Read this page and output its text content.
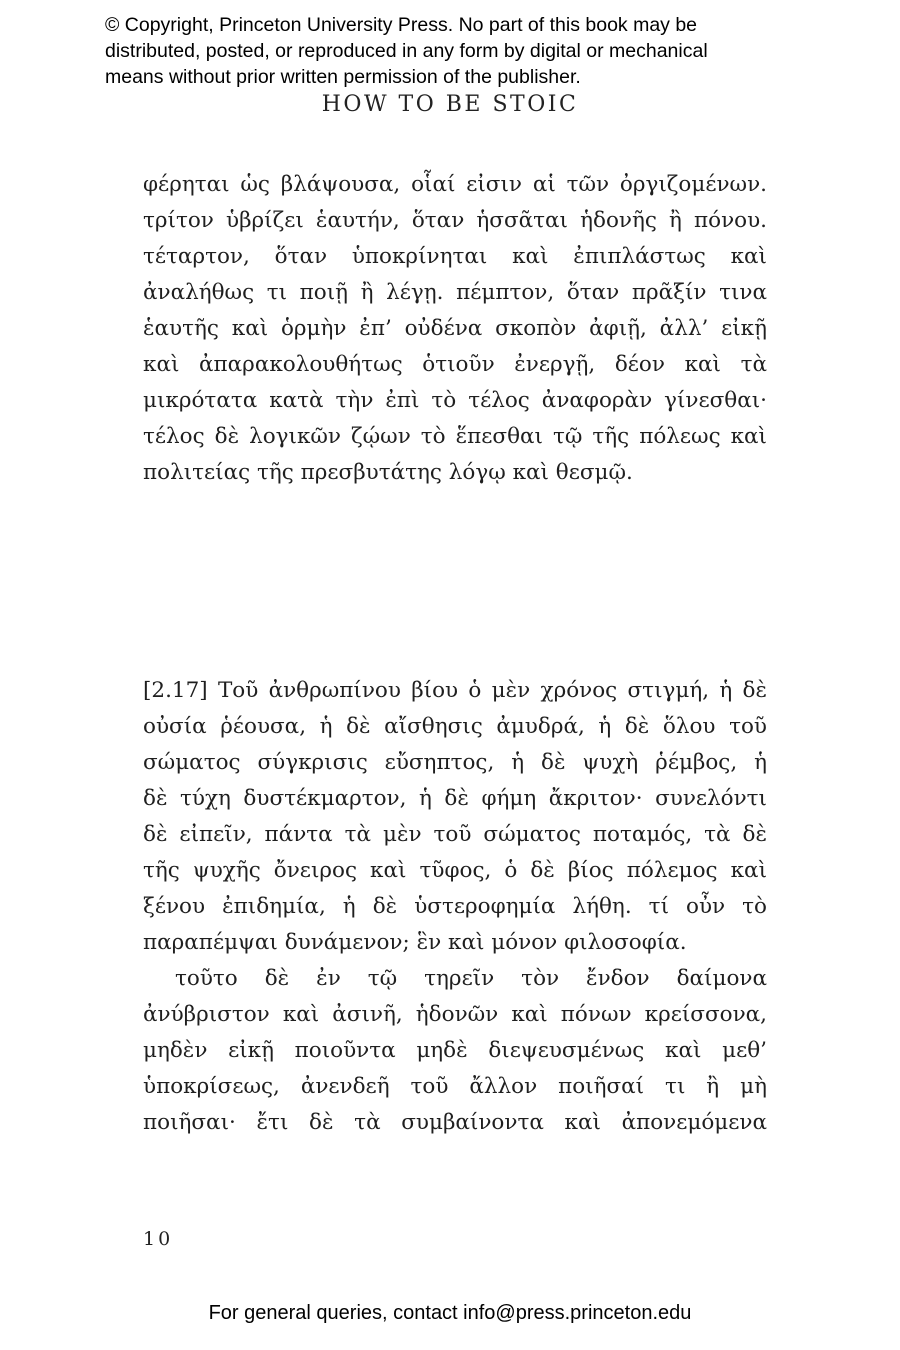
© Copyright, Princeton University Press. No part of this book may be
distributed, posted, or reproduced in any form by digital or mechanical
means without prior written permission of the publisher.
HOW TO BE STOIC
φέρηται ὡς βλάψουσα, οἷαί εἰσιν αἱ τῶν ὀργιζομένων.
τρίτον ὑβρίζει ἑαυτήν, ὅταν ἡσσᾶται ἡδονῆς ἢ πόνου.
τέταρτον, ὅταν ὑποκρίνηται καὶ ἐπιπλάστως καὶ
ἀναλήθως τι ποιῇ ἢ λέγῃ. πέμπτον, ὅταν πρᾶξίν τινα
ἑαυτῆς καὶ ὁρμὴν ἐπ’ οὐδένα σκοπὸν ἀφιῇ, ἀλλ’ εἰκῇ
καὶ ἀπαρακολουθήτως ὁτιοῦν ἐνεργῇ, δέον καὶ τὰ
μικρότατα κατὰ τὴν ἐπὶ τὸ τέλος ἀναφορὰν γίνεσθαι·
τέλος δὲ λογικῶν ζῴων τὸ ἕπεσθαι τῷ τῆς πόλεως καὶ
πολιτείας τῆς πρεσβυτάτης λόγῳ καὶ θεσμῷ.
[2.17] Τοῦ ἀνθρωπίνου βίου ὁ μὲν χρόνος στιγμή, ἡ δὲ
οὐσία ῥέουσα, ἡ δὲ αἴσθησις ἀμυδρά, ἡ δὲ ὅλου τοῦ
σώματος σύγκρισις εὔσηπτος, ἡ δὲ ψυχὴ ῥέμβος, ἡ
δὲ τύχη δυστέκμαρτον, ἡ δὲ φήμη ἄκριτον· συνελόντι
δὲ εἰπεῖν, πάντα τὰ μὲν τοῦ σώματος ποταμός, τὰ δὲ
τῆς ψυχῆς ὄνειρος καὶ τῦφος, ὁ δὲ βίος πόλεμος καὶ
ξένου ἐπιδημία, ἡ δὲ ὑστεροφημία λήθη. τί οὖν τὸ
παραπέμψαι δυνάμενον; ἓν καὶ μόνον φιλοσοφία.
τοῦτο δὲ ἐν τῷ τηρεῖν τὸν ἔνδον δαίμονα
ἀνύβριστον καὶ ἀσινῆ, ἡδονῶν καὶ πόνων κρείσσονα,
μηδὲν εἰκῇ ποιοῦντα μηδὲ διεψευσμένως καὶ μεθ’
ὑποκρίσεως, ἀνενδεῆ τοῦ ἄλλον ποιῆσαί τι ἢ μὴ
ποιῆσαι· ἔτι δὲ τὰ συμβαίνοντα καὶ ἀπονεμόμενα
10
For general queries, contact info@press.princeton.edu
